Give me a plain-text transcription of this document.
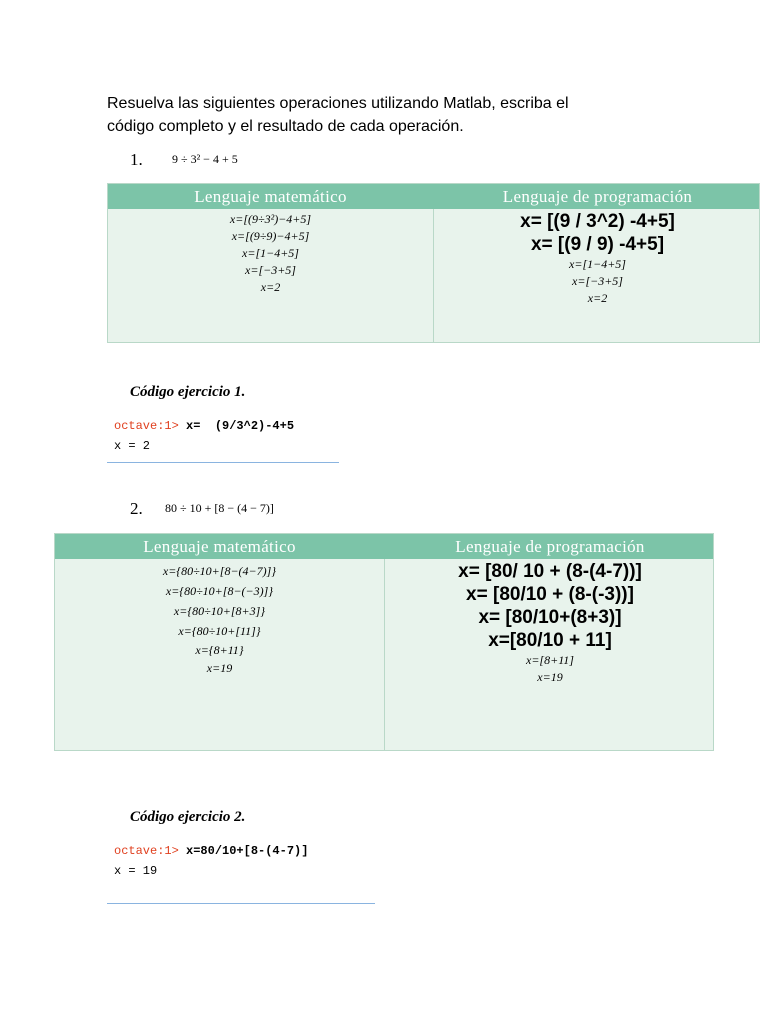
Resuelva las siguientes operaciones utilizando Matlab, escriba el

código completo y el resultado de cada operación.

1. 9 ÷ 3² − 4 + 5
Lenguaje matemático	Lenguaje de programación
x=[(9÷3²)−4+5]
x=[(9÷9)−4+5]
x=[1−4+5]
x=[−3+5]
x=2
x= [(9 / 3^2) -4+5]
x= [(9 / 9) -4+5]
x=[1−4+5]
x=[−3+5]
x=2
Código ejercicio 1.
octave:1> x=  (9/3^2)-4+5
x = 2
2. 80 ÷ 10 + [8 − (4 − 7)]
Lenguaje matemático	Lenguaje de programación
x={80÷10+[8−(4−7)]}
x={80÷10+[8−(−3)]}
x={80÷10+[8+3]}
x={80÷10+[11]}
x={8+11}
x=19
x= [80/ 10 + (8-(4-7))]
x= [80/10 + (8-(-3))]
x= [80/10+(8+3)]
x=[80/10 + 11]
x=[8+11]
x=19
Código ejercicio 2.
octave:1> x=80/10+[8-(4-7)]
x = 19
